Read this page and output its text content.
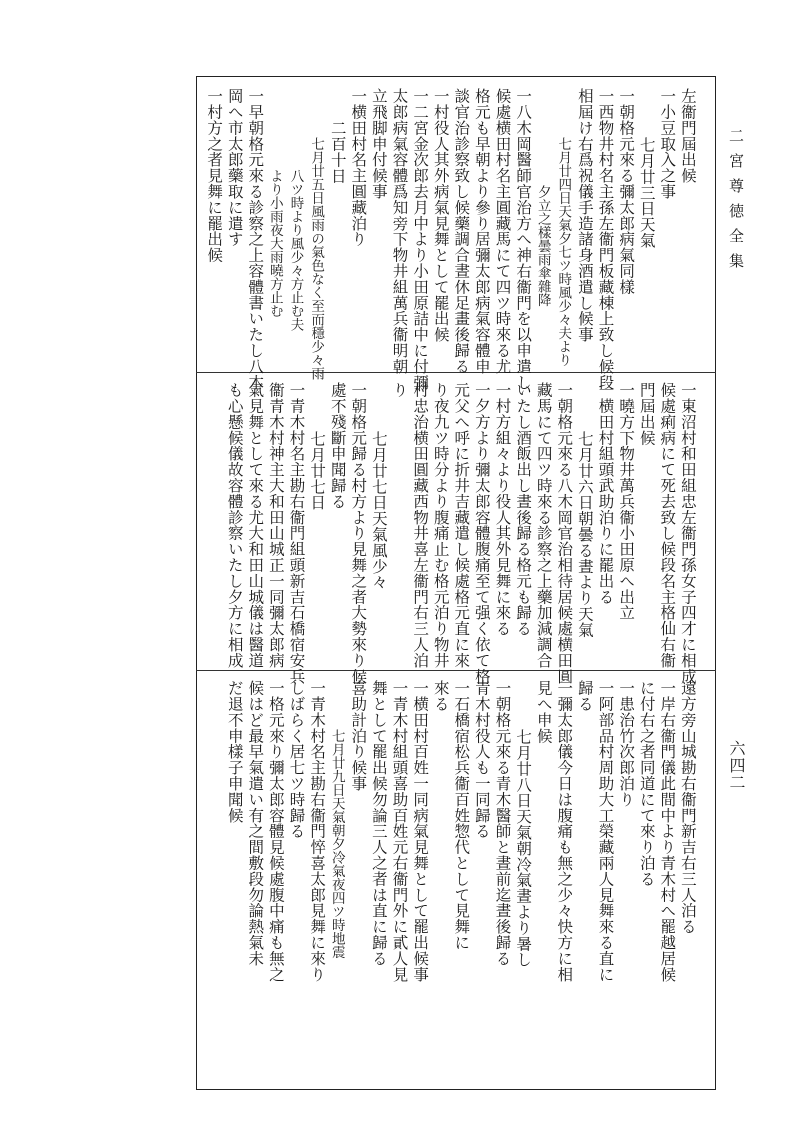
二宮尊徳全集
六四二
左衞門屆出候
一小豆取入之事
七月廿三日天氣
一朝格元來る彌太郎病氣同樣
一西物井村名主孫左衞門板藏棟上致し候段
相屆け右爲祝儀手造諸身酒遣し候事
七月廿四日天氣夕七ツ時風少々夫より
夕立之樣曇雨傘雜降
一八木岡醫師官治方へ神右衞門を以申遣し
候處横田村名主圓藏馬にて四ツ時來る尤
格元も早朝より參り居彌太郎病氣容體申
談官治診察致し候藥調合晝休足畫後歸る
一村役人其外病氣見舞として罷出候
一二宮金次郎去月中より小田原詰中に付彌
太郎病氣容體爲知旁下物井組萬兵衞明朝
立飛脚申付候事
一横田村名主圓藏泊り
二百十日
七月廿五日風雨の氣色なく至而穩少々雨
八ツ時より風少々方止む夫
より小雨夜大雨曉方止む
一早朝格元來る診察之上容體書いたし八木
岡へ市太郎藥取に遣す
一村方之者見舞に罷出候
一東沼村和田組忠左衞門孫女子四才に相成
候處痢病にて死去致し候段名主格仙右衞
門屆出候
一曉方下物井萬兵衞小田原へ出立
一横田村組頭武助泊りに罷出る
七月廿六日朝曇る晝より天氣
一朝格元來る八木岡官治相待居候處横田圓
藏馬にて四ツ時來る診察之上藥加減調合
いたし酒飯出し晝後歸る格元も歸る
一村方組々より役人其外見舞に來る
一夕方より彌太郎容體腹痛至て强く依て格
元父へ呼に折井吉藏遣し候處格元直に來
り夜九ツ時分より腹痛止む格元泊り物井
村忠治横田圓藏西物井喜左衞門右三人泊
り
七月廿七日天氣風少々
一朝格元歸る村方より見舞之者大勢來り候
處不殘斷申聞歸る
七月廿七日
一青木村名主勘右衞門組頭新吉石橋宿安兵
衞青木村神主大和田山城正一同彌太郎病
氣見舞として來る尤大和田山城儀は醫道
も心懸候儀故容體診察いたし夕方に相成
遠方旁山城勘右衞門新吉右三人泊る
一岸右衞門儀此間中より青木村へ罷越居候
に付右之者同道にて來り泊る
一患治竹次郎泊り
一阿部品村周助大工榮藏兩人見舞來る直に
歸る
一彌太郎儀今日は腹痛も無之少々快方に相
見へ申候
七月廿八日天氣朝冷氣晝より暑し
一朝格元來る青木醫師と晝前迄晝後歸る
青木村役人も一同歸る
一石橋宿松兵衞百姓惣代として見舞に
來る
一横田村百姓一同病氣見舞として罷出候事
一青木村組頭喜助百姓元右衞門外に貳人見
舞として罷出候勿論三人之者は直に歸る
喜助計泊り候事
七月廿九日天氣朝夕冷氣夜四ツ時地震
一青木村名主勘右衞門悴喜太郎見舞に來り
しばらく居七ツ時歸る
一格元來り彌太郎容體見候處腹中痛も無之
候はど最早氣遣い有之間敷段勿論熱氣未
だ退不申樣子申聞候
